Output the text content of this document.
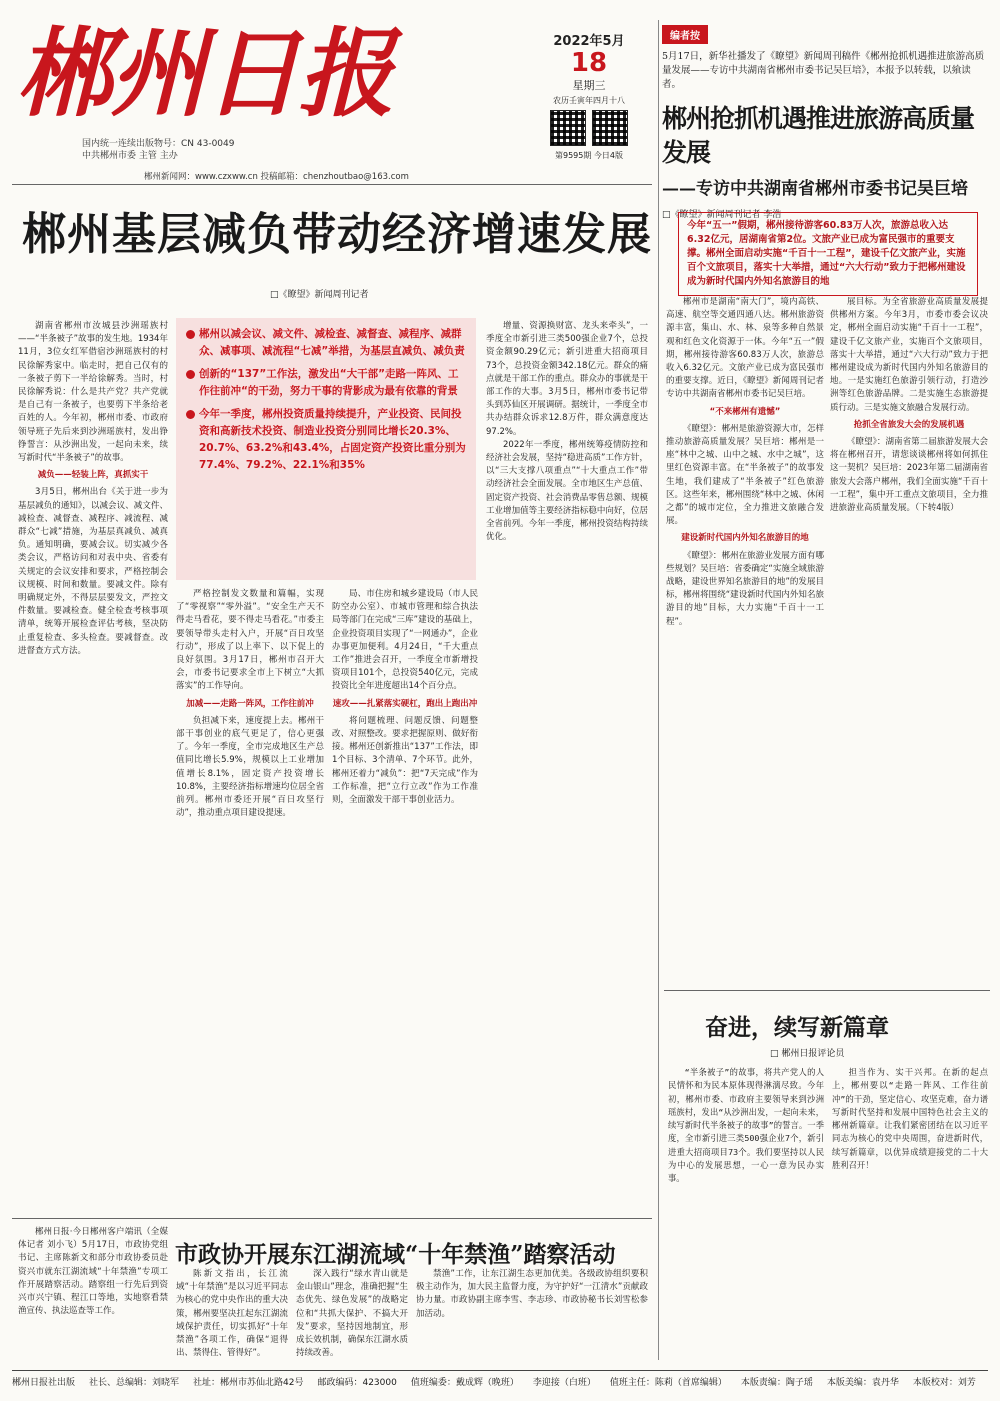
郴州日报
国内统一连续出版物号：CN 43-0049
中共郴州市委 主管 主办
郴州新闻网：www.czxww.cn 投稿邮箱：chenzhoutbao@163.com
2022年5月
18
星期三
农历壬寅年四月十八
第9595期 今日4版
编者按
5月17日，新华社播发了《瞭望》新闻周刊稿件《郴州抢抓机遇推进旅游高质量发展——专访中共湖南省郴州市委书记吴巨培》，本报予以转载，以飨读者。
郴州抢抓机遇推进旅游高质量发展
——专访中共湖南省郴州市委书记吴巨培
□《瞭望》新闻周刊记者 李浩
今年“五一”假期，郴州接待游客60.83万人次，旅游总收入达6.32亿元，居湖南省第2位。文旅产业已成为富民强市的重要支撑。郴州全面启动实施“千百十一工程”，建设千亿文旅产业，实施百个文旅项目，落实十大举措，通过“六大行动”致力于把郴州建设成为新时代国内外知名旅游目的地
郴州基层减负带动经济增速发展
□《瞭望》新闻周刊记者
郴州以减会议、减文件、减检查、减督查、减程序、减群众、减事项、减流程“七减”举措，为基层直减负、减负责
创新的“137”工作法，激发出“大干部”走路一阵风、工作往前冲“的干劲，努力干事的背影成为最有依靠的背景
今年一季度，郴州投资质量持续提升，产业投资、民间投资和高新技术投资、制造业投资分别同比增长20.3%、20.7%、63.2%和43.4%，占固定资产投资比重分别为77.4%、79.2%、22.1%和35%

湖南省郴州市汝城县沙洲瑶族村——“半条被子”故事的发生地。1934年11月，3位女红军借宿沙洲瑶族村的村民徐解秀家中。临走时，把自己仅有的一条被子剪下一半给徐解秀。当时，村民徐解秀说：什么是共产党？共产党就是自己有一条被子，也要剪下半条给老百姓的人。今年初，郴州市委、市政府领导班子先后来到沙洲瑶族村，发出铮铮誓言：从沙洲出发，一起向未来，续写新时代“半条被子”的故事。

减负——轻装上阵，真抓实干

3月5日，郴州出台《关于进一步为基层减负的通知》，以减会议、减文件、减检查、减督查、减程序、减流程、减群众“七减”措施，为基层真减负、减真负。通知明确，要减会议。切实减少各类会议，严格访问和对表中央、省委有关规定的会议安排和要求，严格控制会议规模、时间和数量。要减文件。除有明确规定外，不得层层要发文，严控文件数量。要减检查。健全检查考核事项清单，统筹开展检查评估考核，坚决防止重复检查、多头检查。要减督查。改进督查方式方法。

严格控制发文数量和篇幅，实现了“零视察”“零外溢”。“安全生产天不得走马看花，要不得走马看花。”市委主要领导带头走村入户，开展“百日攻坚行动”，形成了以上率下、以下促上的良好氛围。3月17日，郴州市召开大会，市委书记要求全市上下树立“大抓落实”的工作导向。

加减——走路一阵风，工作往前冲

负担减下来，速度提上去。郴州干部干事创业的底气更足了，信心更强了。今年一季度，全市完成地区生产总值同比增长5.9%，规模以上工业增加值增长8.1%，固定资产投资增长10.8%，主要经济指标增速均位居全省前列。郴州市委还开展“百日攻坚行动”，推动重点项目建设提速。

局、市住房和城乡建设局（市人民防空办公室）、市城市管理和综合执法局等部门在完成“三库”建设的基础上，企业投资项目实现了“一网通办”，企业办事更加便利。4月24日，“千大重点工作”推进会召开，一季度全市新增投资项目101个，总投资540亿元，完成投资比全年进度超出14个百分点。

速攻——扎紧落实硬杠，跑出上跑出冲

将问题梳理、问题反馈、问题整改、对照整改。要求把握原则、做好衔接。郴州还创新推出“137”工作法，即1个目标、3个清单、7个环节。此外，郴州还着力“减负”：把“7天完成”作为工作标准，把“立行立改”作为工作准则，全面激发干部干事创业活力。

增量、资源换财富、龙头来牵头”，一季度全市新引进三类500强企业7个，总投资金额90.29亿元；新引进重大招商项目73个，总投资金额342.18亿元。群众的痛点就是干部工作的重点。群众办的事就是干部工作的大事。3月5日，郴州市委书记带头到苏仙区开展调研。据统计，一季度全市共办结群众诉求12.8万件，群众满意度达97.2%。

2022年一季度，郴州统筹疫情防控和经济社会发展，坚持“稳进高质”工作方针，以“三大支撑八项重点”“十大重点工作”带动经济社会全面发展。全市地区生产总值、固定资产投资、社会消费品零售总额、规模工业增加值等主要经济指标稳中向好，位居全省前列。今年一季度，郴州投资结构持续优化。

郴州市是湖南“南大门”，境内高铁、高速、航空等交通四通八达。郴州旅游资源丰富，集山、水、林、泉等多种自然景观和红色文化资源于一体。今年“五一”假期，郴州接待游客60.83万人次，旅游总收入6.32亿元。文旅产业已成为富民强市的重要支撑。近日，《瞭望》新闻周刊记者专访中共湖南省郴州市委书记吴巨培。

“不来郴州有遗憾”

《瞭望》：郴州是旅游资源大市，怎样推动旅游高质量发展？吴巨培：郴州是一座“林中之城、山中之城、水中之城”，这里红色资源丰富。在“半条被子”的故事发生地，我们建成了“半条被子”红色旅游区。这些年来，郴州围绕“林中之城、休闲之都”的城市定位，全力推进文旅融合发展。

建设新时代国内外知名旅游目的地

《瞭望》：郴州在旅游业发展方面有哪些规划？吴巨培：省委确定“实施全域旅游战略，建设世界知名旅游目的地”的发展目标，郴州将围绕“建设新时代国内外知名旅游目的地”目标，大力实施“千百十一工程”。

展目标。为全省旅游业高质量发展提供郴州方案。今年3月，市委市委会议决定，郴州全面启动实施“千百十一工程”，建设千亿文旅产业，实施百个文旅项目，落实十大举措，通过“六大行动”致力于把郴州建设成为新时代国内外知名旅游目的地。一是实施红色旅游引领行动，打造沙洲等红色旅游品牌。二是实施生态旅游提质行动。三是实施文旅融合发展行动。

抢抓全省旅发大会的发展机遇

《瞭望》：湖南省第二届旅游发展大会将在郴州召开，请您谈谈郴州将如何抓住这一契机？吴巨培：2023年第二届湖南省旅发大会落户郴州，我们全面实施“千百十一工程”，集中开工重点文旅项目，全力推进旅游业高质量发展。（下转4版）

奋进，续写新篇章
□ 郴州日报评论员

“半条被子”的故事，将共产党人的人民情怀和为民本原体现得淋漓尽致。今年初，郴州市委、市政府主要领导来到沙洲瑶族村，发出“从沙洲出发，一起向未来，续写新时代半条被子的故事”的誓言。一季度，全市新引进三类500强企业7个，新引进重大招商项目73个。我们要坚持以人民为中心的发展思想，一心一意为民办实事。

担当作为、实干兴邦。在新的起点上，郴州要以“走路一阵风、工作往前冲”的干劲，坚定信心、攻坚克难，奋力谱写新时代坚持和发展中国特色社会主义的郴州新篇章。让我们紧密团结在以习近平同志为核心的党中央周围，奋进新时代，续写新篇章，以优异成绩迎接党的二十大胜利召开！

郴州日报·今日郴州客户端讯（全媒体记者 刘小飞）5月17日，市政协党组书记、主席陈新文和部分市政协委员赴资兴市就东江湖流域“十年禁渔”专项工作开展踏察活动。踏察组一行先后到资兴市兴宁镇、程江口等地，实地察看禁渔宣传、执法巡查等工作。

市政协开展东江湖流域“十年禁渔”踏察活动

陈新文指出，长江流域“十年禁渔”是以习近平同志为核心的党中央作出的重大决策，郴州要坚决扛起东江湖流域保护责任，切实抓好“十年禁渔”各项工作，确保“退得出、禁得住、管得好”。

深入践行“绿水青山就是金山银山”理念，准确把握“生态优先、绿色发展”的战略定位和“共抓大保护、不搞大开发”要求，坚持因地制宜，形成长效机制，确保东江湖水质持续改善。

禁渔”工作，让东江湖生态更加优美。各级政协组织要积极主动作为，加大民主监督力度，为守护好“一江清水”贡献政协力量。市政协副主席李雪、李志珍、市政协秘书长刘雪松参加活动。

郴州日报社出版 社长、总编辑：刘晓军 社址：郴州市苏仙北路42号 邮政编码：423000 值班编委：戴成辉（晚班） 李迎接（白班） 值班主任：陈莉（首席编辑） 本版责编：陶子瑶 本版美编：袁丹华 本版校对：刘芳
